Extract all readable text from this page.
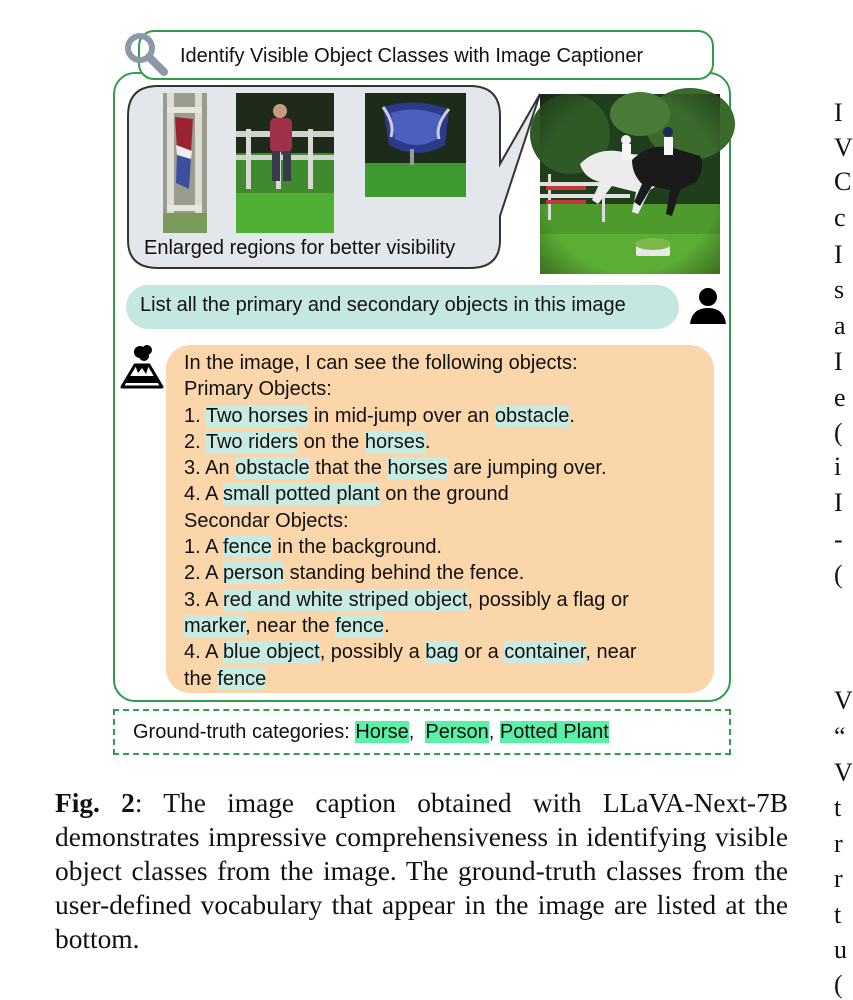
Identify Visible Object Classes with Image Captioner
Enlarged regions for better visibility
List all the primary and secondary objects in this image
In the image, I can see the following objects:
Primary Objects:
1. Two horses in mid-jump over an obstacle.
2. Two riders on the horses.
3. An obstacle that the horses are jumping over.
4. A small potted plant on the ground
Secondar Objects:
1. A fence in the background.
2. A person standing behind the fence.
3. A red and white striped object, possibly a flag or
marker, near the fence.
4. A blue object, possibly a bag or a container, near
the fence
Ground-truth categories: Horse,  Person, Potted Plant
Fig. 2: The image caption obtained with LLaVA-Next-7B demonstrates impressive comprehensiveness in identifying visible object classes from the image. The ground-truth classes from the user-defined vocabulary that appear in the image are listed at the bottom.
I
V
C
c
I
s
a
I
e
(
i
I
-
(
V
“
V
t
r
r
t
u
(
